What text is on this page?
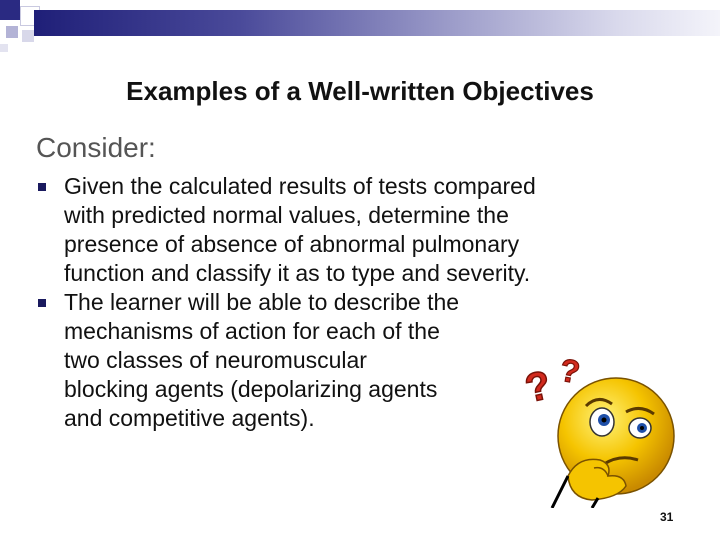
Examples of a Well-written Objectives
Consider:
Given the calculated results of tests compared
with predicted normal values, determine the
presence of absence of abnormal pulmonary
function and classify it as to type and severity.
The learner will be able to describe the
mechanisms of action for each of the
two classes of neuromuscular
blocking agents (depolarizing agents
and competitive agents).
? ?
31
